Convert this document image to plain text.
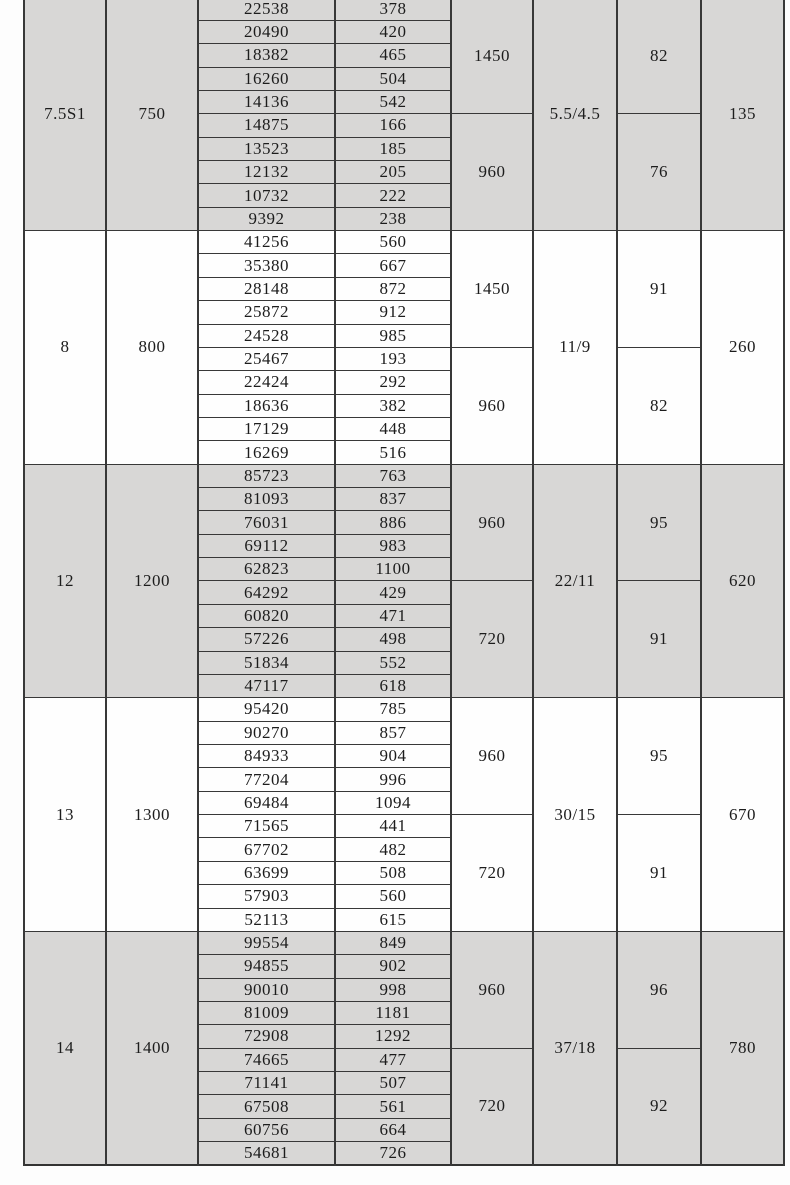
7.5S1	750	22538	378	1450	5.5/4.5	82	135
		20490	420				
		18382	465				
		16260	504				
		14136	542				
		14875	166	960		76	
		13523	185				
		12132	205				
		10732	222				
		9392	238				
8	800	41256	560	1450	11/9	91	260
		35380	667				
		28148	872				
		25872	912				
		24528	985				
		25467	193	960		82	
		22424	292				
		18636	382				
		17129	448				
		16269	516				
12	1200	85723	763	960	22/11	95	620
		81093	837				
		76031	886				
		69112	983				
		62823	1100				
		64292	429	720		91	
		60820	471				
		57226	498				
		51834	552				
		47117	618				
13	1300	95420	785	960	30/15	95	670
		90270	857				
		84933	904				
		77204	996				
		69484	1094				
		71565	441	720		91	
		67702	482				
		63699	508				
		57903	560				
		52113	615				
14	1400	99554	849	960	37/18	96	780
		94855	902				
		90010	998				
		81009	1181				
		72908	1292				
		74665	477	720		92	
		71141	507				
		67508	561				
		60756	664				
		54681	726				
